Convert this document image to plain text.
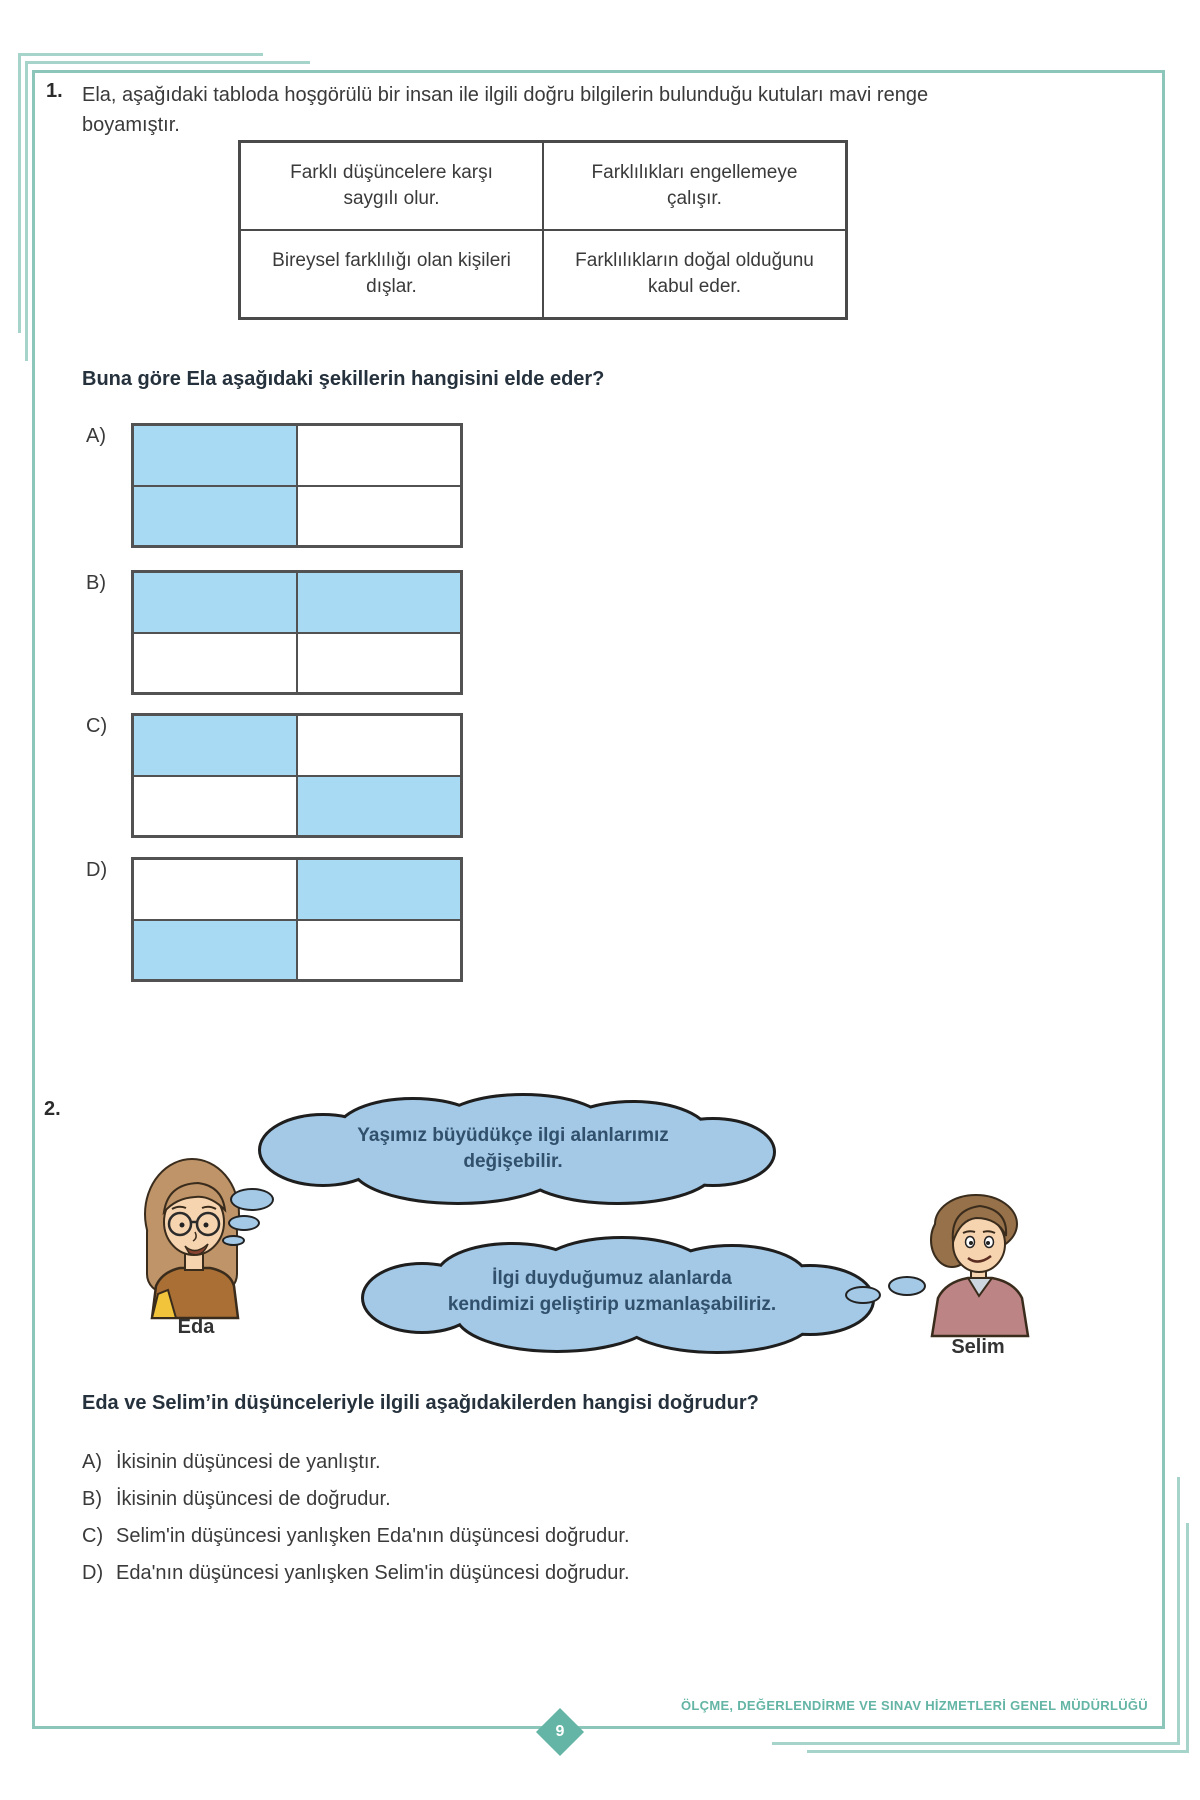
1. Ela, aşağıdaki tabloda hoşgörülü bir insan ile ilgili doğru bilgilerin bulunduğu kutuları mavi renge boyamıştır.
Farklı düşüncelere karşı saygılı olur.
Farklılıkları engellemeye çalışır.
Bireysel farklılığı olan kişileri dışlar.
Farklılıkların doğal olduğunu kabul eder.
Buna göre Ela aşağıdaki şekillerin hangisini elde eder?
A)
B)
C)
D)
2.
Eda
Yaşımız büyüdükçe ilgi alanlarımız
değişebilir.
İlgi duyduğumuz alanlarda
kendimizi geliştirip uzmanlaşabiliriz.
Selim
Eda ve Selim’in düşünceleriyle ilgili aşağıdakilerden hangisi doğrudur?
A) İkisinin düşüncesi de yanlıştır.
B) İkisinin düşüncesi de doğrudur.
C) Selim'in düşüncesi yanlışken Eda'nın düşüncesi doğrudur.
D) Eda'nın düşüncesi yanlışken Selim'in düşüncesi doğrudur.
9
ÖLÇME, DEĞERLENDİRME VE SINAV HİZMETLERİ GENEL MÜDÜRLÜĞÜ
